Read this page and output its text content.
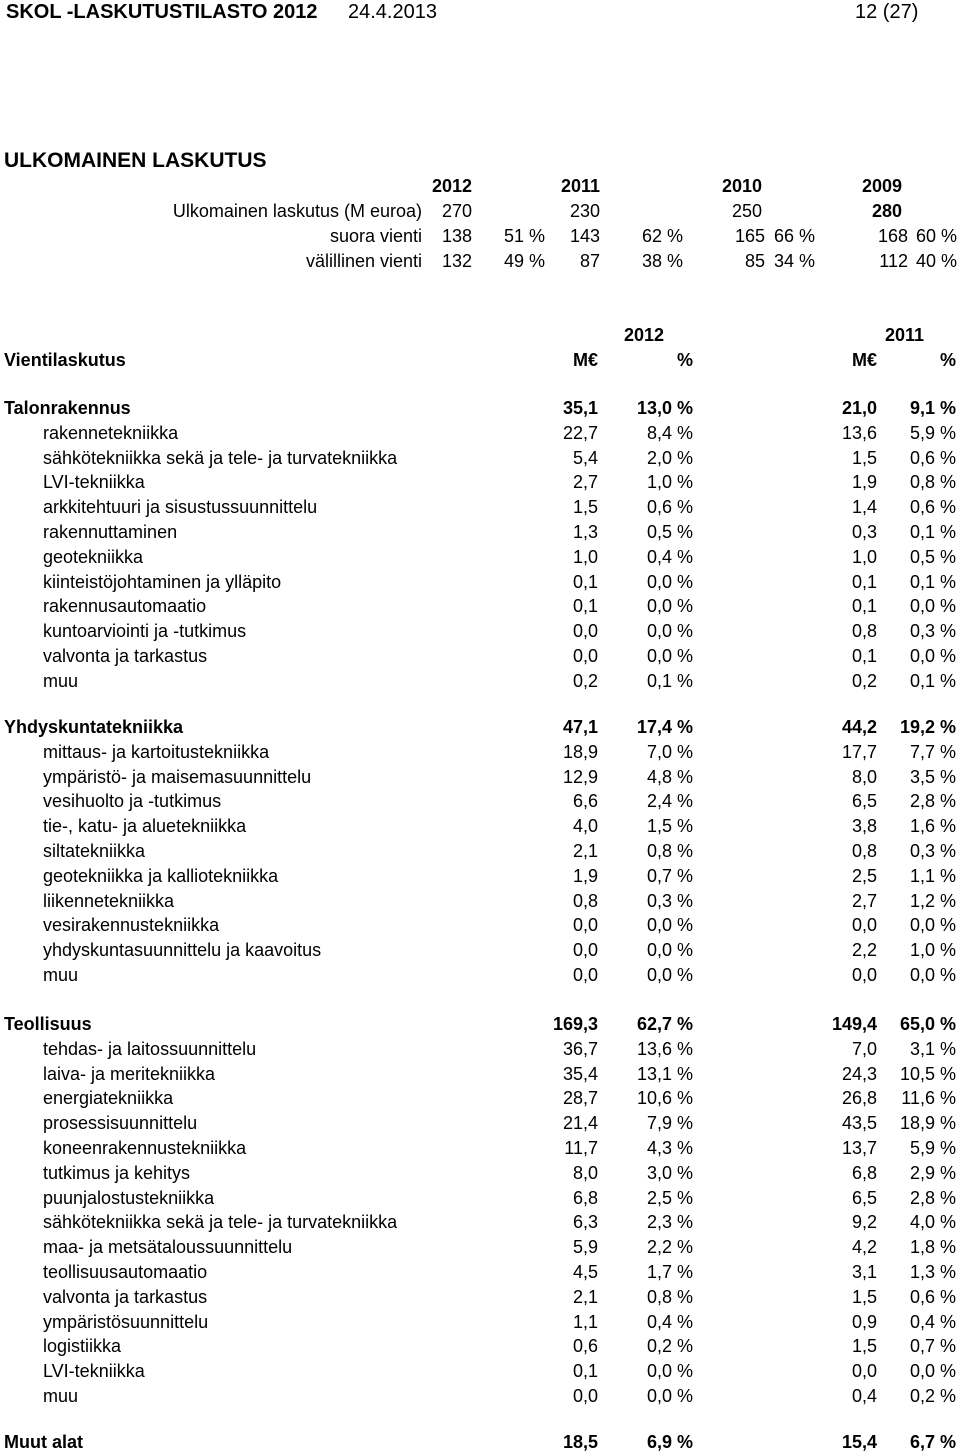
SKOL -LASKUTUSTILASTO 2012 24.4.2013	12 (27)
ULKOMAINEN LASKUTUS
2012	2011	2010	2009
Ulkomainen laskutus (M euroa)	270	230	250	280
suora vienti	138	51 %	143	62 %	165 66 %	168 60 %
välillinen vienti	132	49 %	87	38 %	85 34 %	112 40 %
Vientilaskutus
2012	2011
M€	%	M€	%
Talonrakennus	35,1	13,0 %	21,0	9,1 %
rakennetekniikka	22,7	8,4 %	13,6	5,9 %
sähkötekniikka sekä ja tele- ja turvatekniikka	5,4	2,0 %	1,5	0,6 %
LVI-tekniikka	2,7	1,0 %	1,9	0,8 %
arkkitehtuuri ja sisustussuunnittelu	1,5	0,6 %	1,4	0,6 %
rakennuttaminen	1,3	0,5 %	0,3	0,1 %
geotekniikka	1,0	0,4 %	1,0	0,5 %
kiinteistöjohtaminen ja ylläpito	0,1	0,0 %	0,1	0,1 %
rakennusautomaatio	0,1	0,0 %	0,1	0,0 %
kuntoarviointi ja -tutkimus	0,0	0,0 %	0,8	0,3 %
valvonta ja tarkastus	0,0	0,0 %	0,1	0,0 %
muu	0,2	0,1 %	0,2	0,1 %
Yhdyskuntatekniikka	47,1	17,4 %	44,2	19,2 %
mittaus- ja kartoitustekniikka	18,9	7,0 %	17,7	7,7 %
ympäristö- ja maisemasuunnittelu	12,9	4,8 %	8,0	3,5 %
vesihuolto ja -tutkimus	6,6	2,4 %	6,5	2,8 %
tie-, katu- ja aluetekniikka	4,0	1,5 %	3,8	1,6 %
siltatekniikka	2,1	0,8 %	0,8	0,3 %
geotekniikka ja kalliotekniikka	1,9	0,7 %	2,5	1,1 %
liikennetekniikka	0,8	0,3 %	2,7	1,2 %
vesirakennustekniikka	0,0	0,0 %	0,0	0,0 %
yhdyskuntasuunnittelu ja kaavoitus	0,0	0,0 %	2,2	1,0 %
muu	0,0	0,0 %	0,0	0,0 %
Teollisuus	169,3	62,7 %	149,4	65,0 %
tehdas- ja laitossuunnittelu	36,7	13,6 %	7,0	3,1 %
laiva- ja meritekniikka	35,4	13,1 %	24,3	10,5 %
energiatekniikka	28,7	10,6 %	26,8	11,6 %
prosessisuunnittelu	21,4	7,9 %	43,5	18,9 %
koneenrakennustekniikka	11,7	4,3 %	13,7	5,9 %
tutkimus ja kehitys	8,0	3,0 %	6,8	2,9 %
puunjalostustekniikka	6,8	2,5 %	6,5	2,8 %
sähkötekniikka sekä ja tele- ja turvatekniikka	6,3	2,3 %	9,2	4,0 %
maa- ja metsätaloussuunnittelu	5,9	2,2 %	4,2	1,8 %
teollisuusautomaatio	4,5	1,7 %	3,1	1,3 %
valvonta ja tarkastus	2,1	0,8 %	1,5	0,6 %
ympäristösuunnittelu	1,1	0,4 %	0,9	0,4 %
logistiikka	0,6	0,2 %	1,5	0,7 %
LVI-tekniikka	0,1	0,0 %	0,0	0,0 %
muu	0,0	0,0 %	0,4	0,2 %
Muut alat	18,5	6,9 %	15,4	6,7 %
